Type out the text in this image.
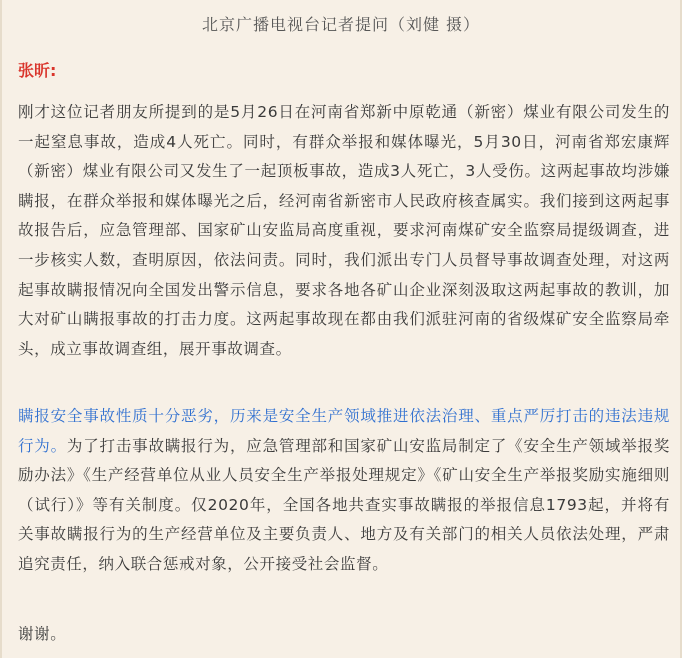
北京广播电视台记者提问（刘健 摄）
张昕:

刚才这位记者朋友所提到的是5月26日在河南省郑新中原乾通（新密）煤业有限公司发生的一起窒息事故，造成4人死亡。同时，有群众举报和媒体曝光，5月30日，河南省郑宏康辉（新密）煤业有限公司又发生了一起顶板事故，造成3人死亡，3人受伤。这两起事故均涉嫌瞒报，在群众举报和媒体曝光之后，经河南省新密市人民政府核查属实。我们接到这两起事故报告后，应急管理部、国家矿山安监局高度重视，要求河南煤矿安全监察局提级调查，进一步核实人数，查明原因，依法问责。同时，我们派出专门人员督导事故调查处理，对这两起事故瞒报情况向全国发出警示信息，要求各地各矿山企业深刻汲取这两起事故的教训，加大对矿山瞒报事故的打击力度。这两起事故现在都由我们派驻河南的省级煤矿安全监察局牵头，成立事故调查组，展开事故调查。

瞒报安全事故性质十分恶劣，历来是安全生产领域推进依法治理、重点严厉打击的违法违规行为。为了打击事故瞒报行为，应急管理部和国家矿山安监局制定了《安全生产领域举报奖励办法》《生产经营单位从业人员安全生产举报处理规定》《矿山安全生产举报奖励实施细则（试行）》等有关制度。仅2020年，全国各地共查实事故瞒报的举报信息1793起，并将有关事故瞒报行为的生产经营单位及主要负责人、地方及有关部门的相关人员依法处理，严肃追究责任，纳入联合惩戒对象，公开接受社会监督。

谢谢。
